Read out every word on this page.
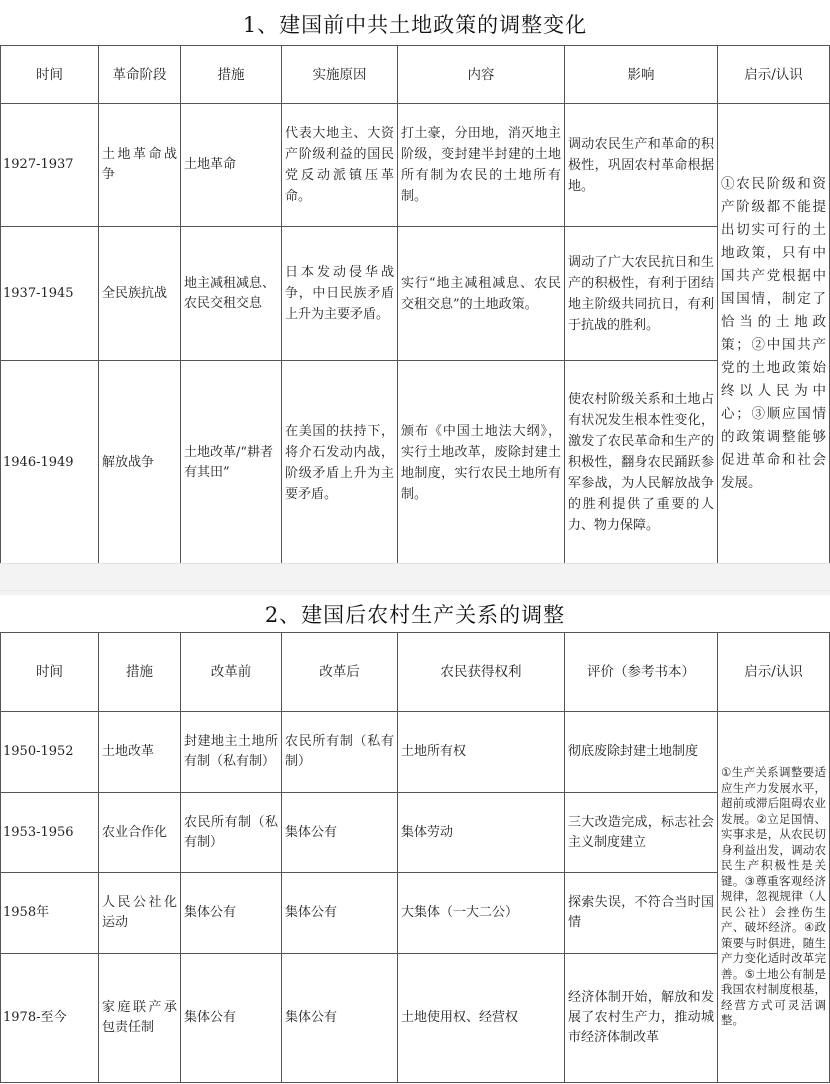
1、建国前中共土地政策的调整变化
时间	革命阶段	措施	实施原因	内容	影响	启示/认识
1927-1937	土地革命战争	土地革命	代表大地主、大资产阶级利益的国民党反动派镇压革命。	打土豪，分田地，消灭地主阶级，变封建半封建的土地所有制为农民的土地所有制。	调动农民生产和革命的积极性，巩固农村革命根据地。	①农民阶级和资产阶级都不能提出切实可行的土地政策，只有中国共产党根据中国国情，制定了恰当的土地政策；②中国共产党的土地政策始终以人民为中心；③顺应国情的政策调整能够促进革命和社会发展。
1937-1945	全民族抗战	地主减租减息、农民交租交息	日本发动侵华战争，中日民族矛盾上升为主要矛盾。	实行“地主减租减息、农民交租交息”的土地政策。	调动了广大农民抗日和生产的积极性，有利于团结地主阶级共同抗日，有利于抗战的胜利。	
1946-1949	解放战争	土地改革/“耕者有其田”	在美国的扶持下，将介石发动内战，阶级矛盾上升为主要矛盾。	颁布《中国土地法大纲》，实行土地改革，废除封建土地制度，实行农民土地所有制。	使农村阶级关系和土地占有状况发生根本性变化，激发了农民革命和生产的积极性，翻身农民踊跃参军参战，为人民解放战争的胜利提供了重要的人力、物力保障。	
2、建国后农村生产关系的调整
时间	措施	改革前	改革后	农民获得权利	评价（参考书本）	启示/认识
1950-1952	土地改革	封建地主土地所有制（私有制）	农民所有制（私有制）	土地所有权	彻底废除封建土地制度	①生产关系调整要适应生产力发展水平，超前或滞后阻碍农业发展。②立足国情、实事求是，从农民切身利益出发，调动农民生产积极性是关键。③尊重客观经济规律，忽视规律（人民公社）会挫伤生产、破坏经济。④政策要与时俱进，随生产力变化适时改革完善。⑤土地公有制是我国农村制度根基，经营方式可灵活调整。
1953-1956	农业合作化	农民所有制（私有制）	集体公有	集体劳动	三大改造完成，标志社会主义制度建立	
1958年	人民公社化运动	集体公有	集体公有	大集体（一大二公）	探索失误，不符合当时国情	
1978-至今	家庭联产承包责任制	集体公有	集体公有	土地使用权、经营权	经济体制开始，解放和发展了农村生产力，推动城市经济体制改革	
